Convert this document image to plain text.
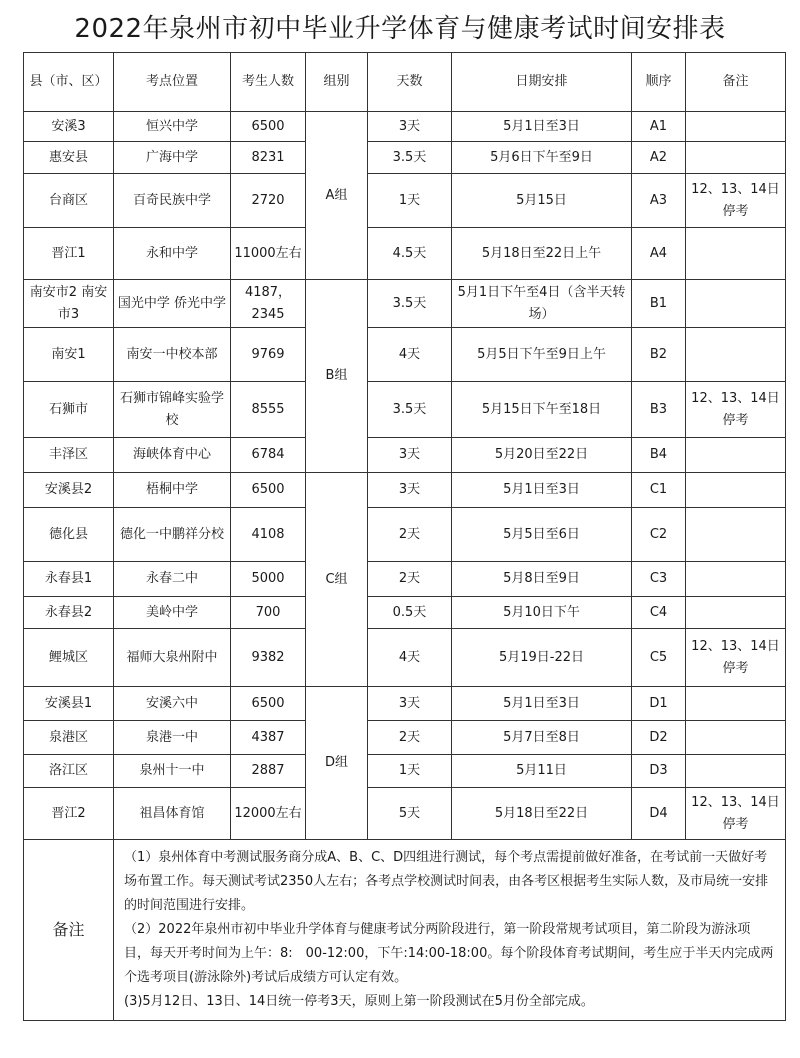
2022年泉州市初中毕业升学体育与健康考试时间安排表
县（市、区）	考点位置	考生人数	组别	天数	日期安排	顺序	备注
安溪3	恒兴中学	6500	A组	3天	5月1日至3日	A1	
惠安县	广海中学	8231		3.5天	5月6日下午至9日	A2	
台商区	百奇民族中学	2720		1天	5月15日	A3	12、13、14日停考
晋江1	永和中学	11000左右		4.5天	5月18日至22日上午	A4	
南安市2 南安市3	国光中学 侨光中学	4187，2345	B组	3.5天	5月1日下午至4日（含半天转场）	B1	
南安1	南安一中校本部	9769		4天	5月5日下午至9日上午	B2	
石狮市	石狮市锦峰实验学校	8555		3.5天	5月15日下午至18日	B3	12、13、14日停考
丰泽区	海峡体育中心	6784		3天	5月20日至22日	B4	
安溪县2	梧桐中学	6500	C组	3天	5月1日至3日	C1	
德化县	德化一中鹏祥分校	4108		2天	5月5日至6日	C2	
永春县1	永春二中	5000		2天	5月8日至9日	C3	
永春县2	美岭中学	700		0.5天	5月10日下午	C4	
鲤城区	福师大泉州附中	9382		4天	5月19日-22日	C5	12、13、14日停考
安溪县1	安溪六中	6500	D组	3天	5月1日至3日	D1	
泉港区	泉港一中	4387		2天	5月7日至8日	D2	
洛江区	泉州十一中	2887		1天	5月11日	D3	
晋江2	祖昌体育馆	12000左右		5天	5月18日至22日	D4	12、13、14日停考
备注	（1）泉州体育中考测试服务商分成A、B、C、D四组进行测试，每个考点需提前做好准备，在考试前一天做好考场布置工作。每天测试考试2350人左右；各考点学校测试时间表，由各考区根据考生实际人数，及市局统一安排的时间范围进行安排。

（2）2022年泉州市初中毕业升学体育与健康考试分两阶段进行，第一阶段常规考试项目，第二阶段为游泳项目，每天开考时间为上午：8:　00-12:00，下午:14:00-18:00。每个阶段体育考试期间，考生应于半天内完成两个选考项目(游泳除外)考试后成绩方可认定有效。

(3)5月12日、13日、14日统一停考3天，原则上第一阶段测试在5月份全部完成。						
